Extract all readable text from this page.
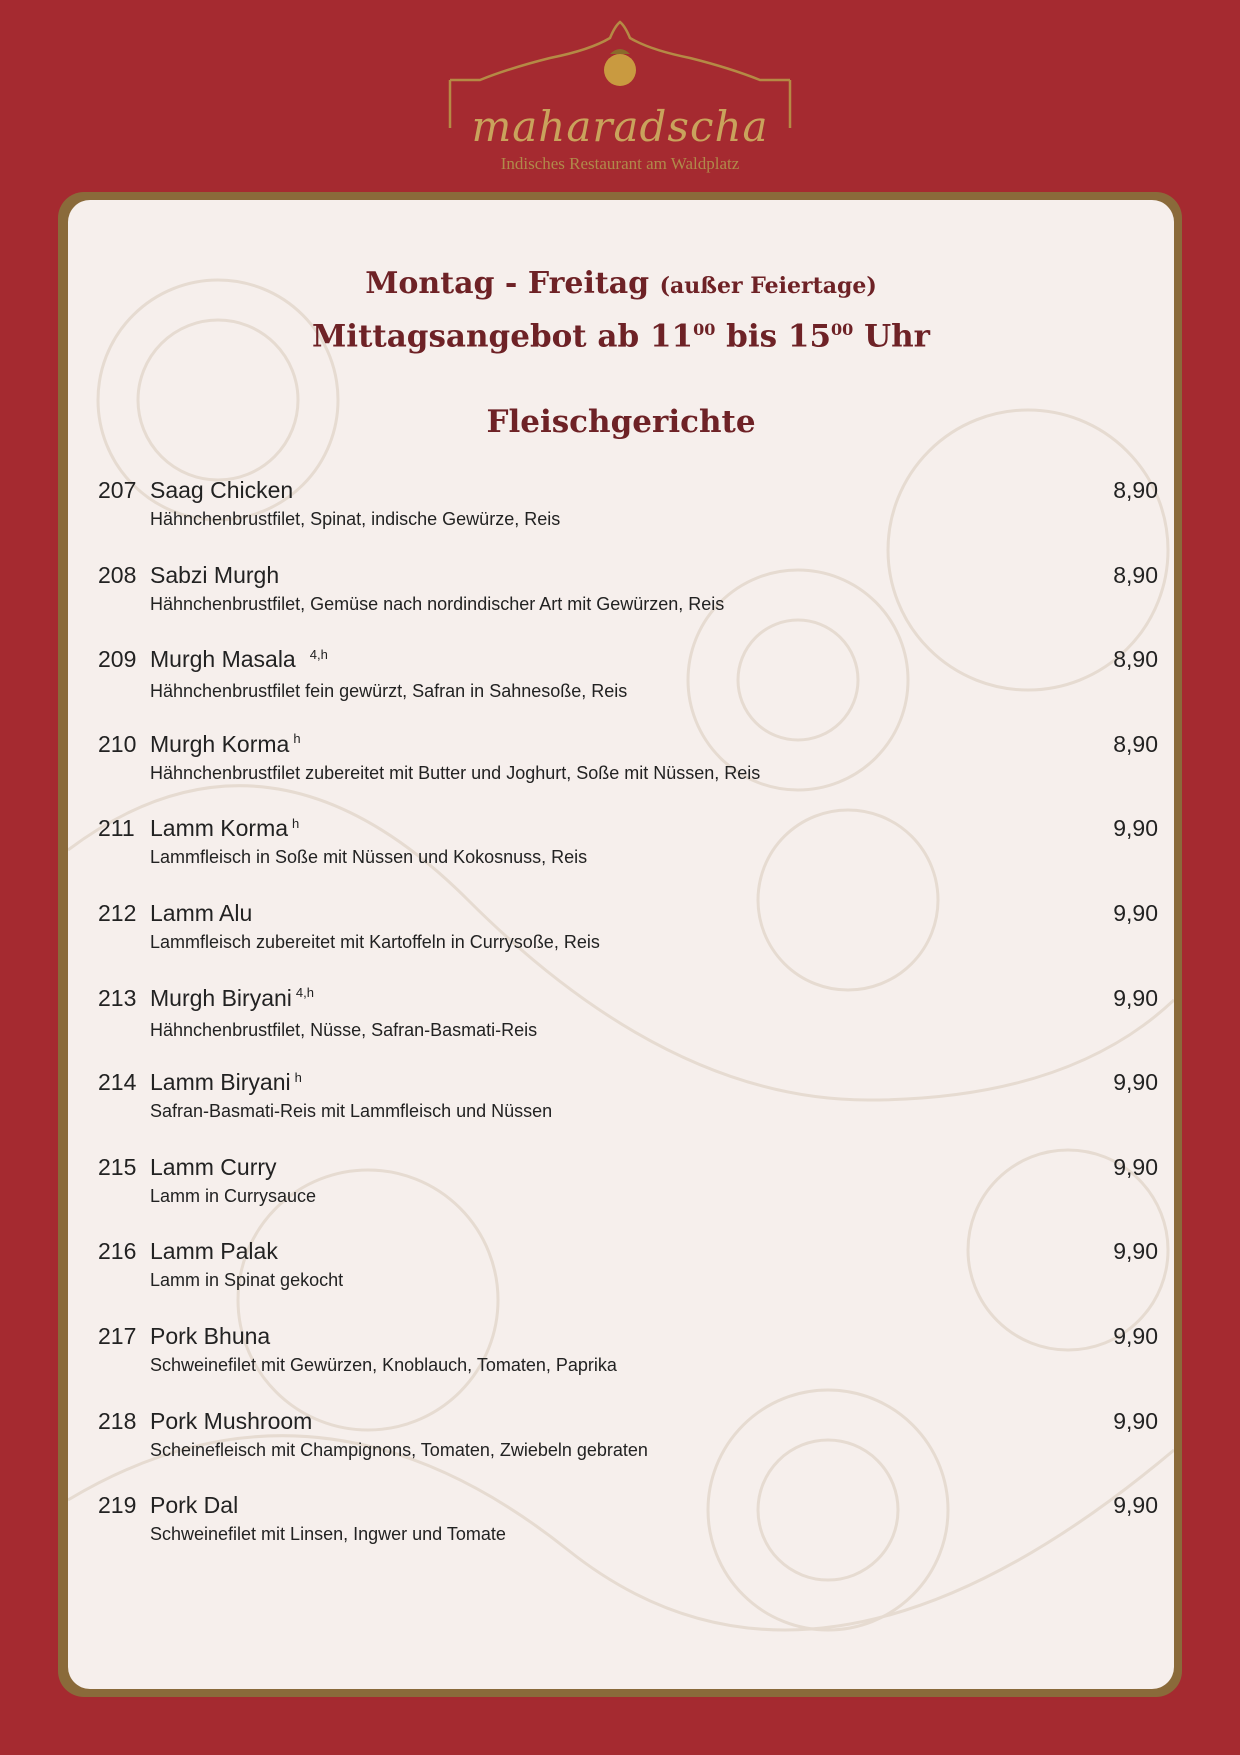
maharadscha
Indisches Restaurant am Waldplatz
Montag - Freitag (außer Feiertage)
Mittagsangebot ab $11^{00}$ bis $15^{00}$ Uhr
Fleischgerichte
207 Saag Chicken	8,90
Hähnchenbrustfilet, Spinat, indische Gewürze, Reis
208 Sabzi Murgh	8,90
Hähnchenbrustfilet, Gemüse nach nordindischer Art mit Gewürzen, Reis
209 Murgh Masala $^{4,h}$	8,90
Hähnchenbrustfilet fein gewürzt, Safran in Sahnesoße, Reis
210 Murgh Korma $^h$	8,90
Hähnchenbrustfilet zubereitet mit Butter und Joghurt, Soße mit Nüssen, Reis
211 Lamm Korma $^h$	9,90
Lammfleisch in Soße mit Nüssen und Kokosnuss, Reis
212 Lamm Alu	9,90
Lammfleisch zubereitet mit Kartoffeln in Currysoße, Reis
213 Murgh Biryani $^{4,h}$	9,90
Hähnchenbrustfilet, Nüsse, Safran-Basmati-Reis
214 Lamm Biryani $^h$	9,90
Safran-Basmati-Reis mit Lammfleisch und Nüssen
215 Lamm Curry	9,90
Lamm in Currysauce
216 Lamm Palak	9,90
Lamm in Spinat gekocht
217 Pork Bhuna	9,90
Schweinefilet mit Gewürzen, Knoblauch, Tomaten, Paprika
218 Pork Mushroom	9,90
Scheinefleisch mit Champignons, Tomaten, Zwiebeln gebraten
219 Pork Dal	9,90
Schweinefilet mit Linsen, Ingwer und Tomate
